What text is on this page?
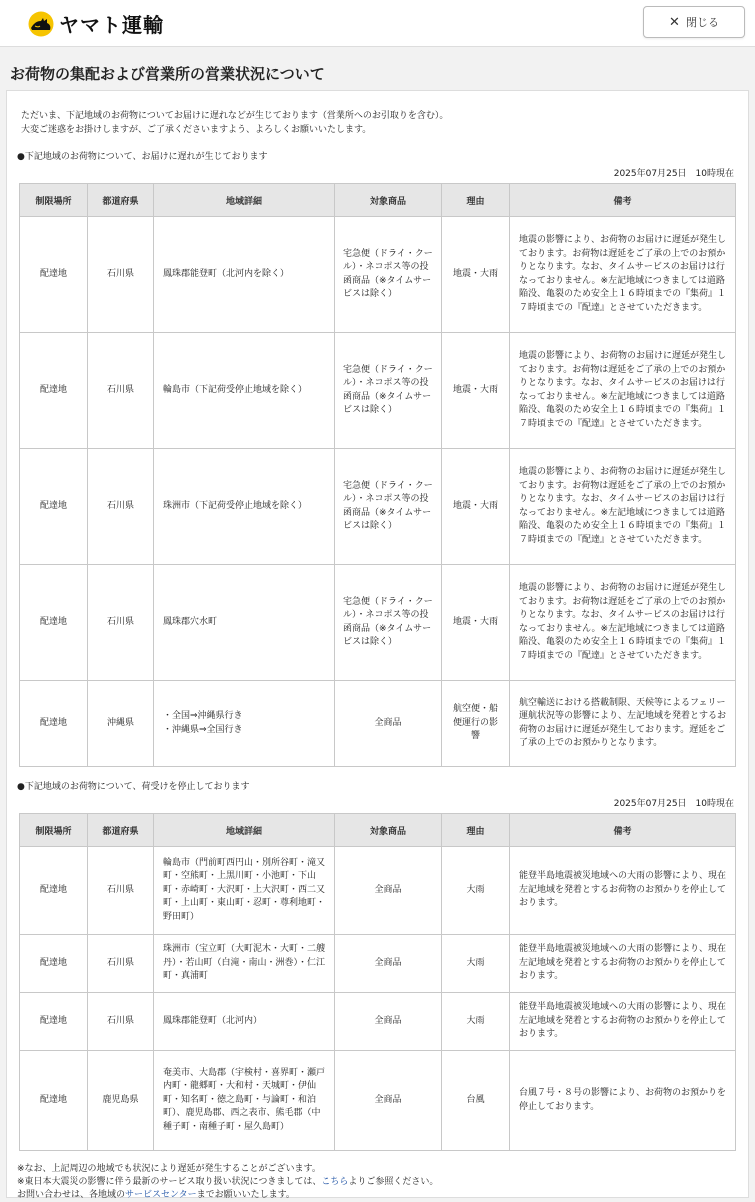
ヤマト運輸	✕ 閉じる
お荷物の集配および営業所の営業状況について
ただいま、下記地域のお荷物についてお届けに遅れなどが生じております（営業所へのお引取りを含む）。
大変ご迷惑をお掛けしますが、ご了承くださいますよう、よろしくお願いいたします。
●下記地域のお荷物について、お届けに遅れが生じております
2025年07月25日　10時現在
制限場所	都道府県	地域詳細	対象商品	理由	備考
配達地	石川県	鳳珠郡能登町（北河内を除く）	宅急便（ドライ・クール）・ネコポス等の投函商品（※タイムサービスは除く）	地震・大雨	地震の影響により、お荷物のお届けに遅延が発生しております。お荷物は遅延をご了承の上でのお預かりとなります。なお、タイムサービスのお届けは行なっておりません。※左記地域につきましては道路陥没、亀裂のため安全上１６時頃までの『集荷』１７時頃までの『配達』とさせていただきます。
配達地	石川県	輪島市（下記荷受停止地域を除く）	宅急便（ドライ・クール）・ネコポス等の投函商品（※タイムサービスは除く）	地震・大雨	地震の影響により、お荷物のお届けに遅延が発生しております。お荷物は遅延をご了承の上でのお預かりとなります。なお、タイムサービスのお届けは行なっておりません。※左記地域につきましては道路陥没、亀裂のため安全上１６時頃までの『集荷』１７時頃までの『配達』とさせていただきます。
配達地	石川県	珠洲市（下記荷受停止地域を除く）	宅急便（ドライ・クール）・ネコポス等の投函商品（※タイムサービスは除く）	地震・大雨	地震の影響により、お荷物のお届けに遅延が発生しております。お荷物は遅延をご了承の上でのお預かりとなります。なお、タイムサービスのお届けは行なっておりません。※左記地域につきましては道路陥没、亀裂のため安全上１６時頃までの『集荷』１７時頃までの『配達』とさせていただきます。
配達地	石川県	鳳珠郡穴水町	宅急便（ドライ・クール）・ネコポス等の投函商品（※タイムサービスは除く）	地震・大雨	地震の影響により、お荷物のお届けに遅延が発生しております。お荷物は遅延をご了承の上でのお預かりとなります。なお、タイムサービスのお届けは行なっておりません。※左記地域につきましては道路陥没、亀裂のため安全上１６時頃までの『集荷』１７時頃までの『配達』とさせていただきます。
配達地	沖縄県	・全国⇒沖縄県行き
・沖縄県⇒全国行き	全商品	航空便・船便運行の影響	航空輸送における搭載制限、天候等によるフェリー運航状況等の影響により、左記地域を発着とするお荷物のお届けに遅延が発生しております。遅延をご了承の上でのお預かりとなります。
●下記地域のお荷物について、荷受けを停止しております
2025年07月25日　10時現在
制限場所	都道府県	地域詳細	対象商品	理由	備考
配達地	石川県	輪島市（門前町西円山・別所谷町・滝又町・空熊町・上黒川町・小池町・下山町・赤崎町・大沢町・上大沢町・西二又町・上山町・東山町・忍町・尊利地町・野田町）	全商品	大雨	能登半島地震被災地域への大雨の影響により、現在左記地域を発着とするお荷物のお預かりを停止しております。
配達地	石川県	珠洲市（宝立町（大町泥木・大町・二艘丹）・若山町（白滝・南山・洲巻）・仁江町・真浦町	全商品	大雨	能登半島地震被災地域への大雨の影響により、現在左記地域を発着とするお荷物のお預かりを停止しております。
配達地	石川県	鳳珠郡能登町（北河内）	全商品	大雨	能登半島地震被災地域への大雨の影響により、現在左記地域を発着とするお荷物のお預かりを停止しております。
配達地	鹿児島県	奄美市、大島郡（宇検村・喜界町・瀬戸内町・龍郷町・大和村・天城町・伊仙町・知名町・徳之島町・与論町・和泊町）、鹿児島郡、西之表市、熊毛郡（中種子町・南種子町・屋久島町）	全商品	台風	台風７号・８号の影響により、お荷物のお預かりを停止しております。
※なお、上記周辺の地域でも状況により遅延が発生することがございます。
※東日本大震災の影響に伴う最新のサービス取り扱い状況につきましては、こちらよりご参照ください。
お問い合わせは、各地域のサービスセンターまでお願いいたします。
